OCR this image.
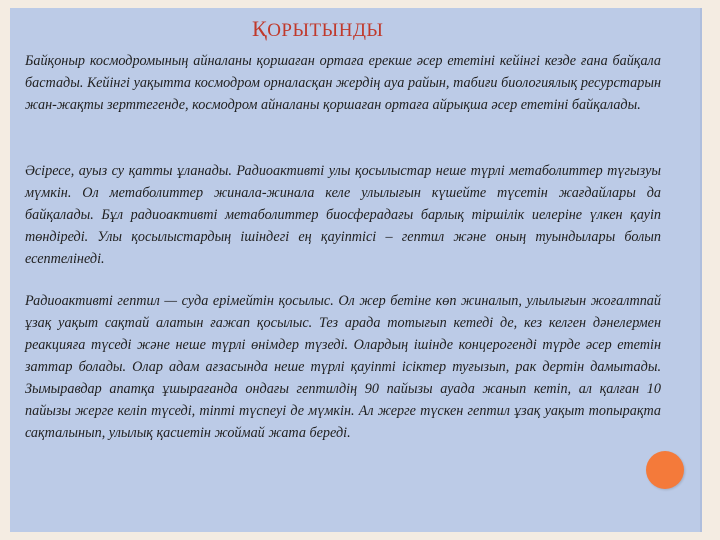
ҚОРЫТЫНДЫ

Байқоныр космодромының айналаны қоршаған ортаға ерекше әсер ететіні кейінгі кезде ғана байқала бастады. Кейінгі уақытта космодром орналасқан жердің ауа райын, табиғи биологиялық ресурстарын жан-жақты зерттегенде, космодром айналаны қоршаған ортаға айрықша әсер ететіні байқалады.

Әсіресе, ауыз су қатты ұланады. Радиоактивті улы қосылыстар неше түрлі метаболиттер түгызуы мүмкін. Ол метаболиттер жинала-жинала келе улылығын күшейте түсетін жағдайлары да байқалады. Бұл радиоактивті метаболиттер биосферадағы барлық тіршілік иелеріне үлкен қауіп төндіреді. Улы қосылыстардың ішіндегі ең қауіптісі – гептил және оның туындылары болып есептелінеді.

Радиоактивті гептил — суда ерімейтін қосылыс. Ол жер бетіне көп жиналып, улылығын жоғалтпай ұзақ уақыт сақтай алатын ғажап қосылыс. Тез арада тотығып кетеді де, кез келген дәнелермен реакцияға түседі және неше түрлі өнімдер түзеді. Олардың ішінде концерогенді түрде әсер ететін заттар болады. Олар адам ағзасында неше түрлі қауіпті ісіктер туғызып, рак дертін дамытады. Зымыравдар апатқа ұшырағанда ондағы гептилдің 90 пайызы ауада жанып кетіп, ал қалған 10 пайызы жерге келіп түседі, тіпті түспеуі де мүмкін. Ал жерге түскен гептил ұзақ уақыт топырақта сақталынып, улылық қасиетін жоймай жата береді.
